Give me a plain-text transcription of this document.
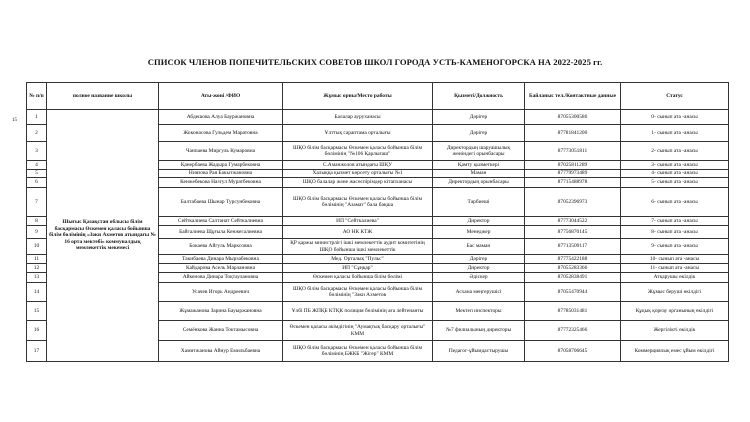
СПИСОК ЧЛЕНОВ ПОПЕЧИТЕЛЬСКИХ СОВЕТОВ ШКОЛ ГОРОДА УСТЬ-КАМЕНОГОРСКА НА 2022-2025 гг.
15
№ п/п	полное название школы	Аты-жөні /ФИО	Жұмыс орны/Место работы	Қызметі/Должность	Байланыс тел./Контактные данные	Статус
1	Шығыс Қазақстан облысы білім басқармасы Өскемен қаласы бойынша білім бөлімінің «Зәки Ахметов атындағы № 16 орта мектебі» коммуналдық мемлекеттік мекемесі	Абдешова Алуа Бауржановна	Балалар ауруханасы	Дәрігер	87055300586	0- сынып ата -анасы
2		Жоконасова Гульдем Маратовна	Ұлттық сараптама орталығы	Дәрігер	87781841200	1- сынып ата -анасы
3		Чанпаева Миргуль Кумаровна	ШҚО білім басқармасы Өскемен қаласы бойынша білім бөлімінің "№106 Қарлығаш"	Директордың шаруашылық жөніндегі орынбасары	87773051811	2- сынып ата -анасы
4		Қанербаева Жадыра Гумарбековна	С.Аманжолов атындағы ШҚУ	Қамту қызметкері	87025811289	3- сынып ата -анасы
5		Ниязова Рая Бакытжановна	Халыққа қызмет көрсету орталығы №1	Маман	87779973489	4- сынып ата -анасы
6		Кенжебекова Назгул Муратбековна	ШҚО балалар және жасөспірімдер кітапханасы	Директордың орынбасары	87715488978	5- сынып ата -анасы
7		Балтабаева Шынар Турсунбековна	ШҚО білім басқармасы Өскемен қаласы бойынша білім бөлімінің "Азамат" бала бақша	Тәрбиеші	87052396973	6- сынып ата -анасы
8		Сейткалиева Салтанат Сейткалиевна	ИП "Сейткалиева"	Директор	87773044522	7- сынып ата -анасы
9		Байгалиева Щұғыла Кенжегалиевна	АО НК КТЖ	Менеджер	87756870145	8- сынып ата -анасы
10		Бокаева Айгуль Марксовна	ҚР қаржы министрлігі ішкі мемлекеттік аудит комитетінің ШҚО бойынша ішкі мемлекеттік	Бас маман	87713509117	9- сынып ата -анасы
11		Такибаева Динара Мырзабековна	Мед. Орталық "Пульс"	Дәрігер	87775422188	10- сынып ата -анасы
12		Кайдарова Асель Марлановна	ИП "Сұңқар"	Директор	87055283366	11- сынып ата -анасы
13		Айкенова Динара Тоқтаулановна	Өскемен қаласы бойынша білім бөлімі	Әдіскер	87052838491	Атқарушы өкілдік
14		Усачев Игорь Андреевич	ШҚО білім басқармасы Өскемен қаласы бойынша білім бөлімінің "Зәки Ахметов	Асхана меңгерушісі	87055470944	Жұмыс беруші өкілдігі
15		Жұмажанова Зарина Бауыржановна	Ұлбі ПБ ЖПҚБ КТҚК полиция бөлімінің аға лейтенанты	Мектеп инспекторы	87785031481	Құқық қорғау органының өкілдігі
16		Семёнкова Жанна Токтамысовна	Өскемен қаласы әкімдігінің "Аумақтық басқару орталығы" КММ	№7 филиалының директоры	87772325466	Жергілікті өкілдік
17		Хамитжанова Айнур Емильбаевна	ШҚО білім басқармасы Өскемен қаласы бойынша білім бөлімінің БЖКБ "Жігер" КММ	Педагог-ұйымдастырушы	87058706645	Коммерциялық емес ұйым өкілдігі
